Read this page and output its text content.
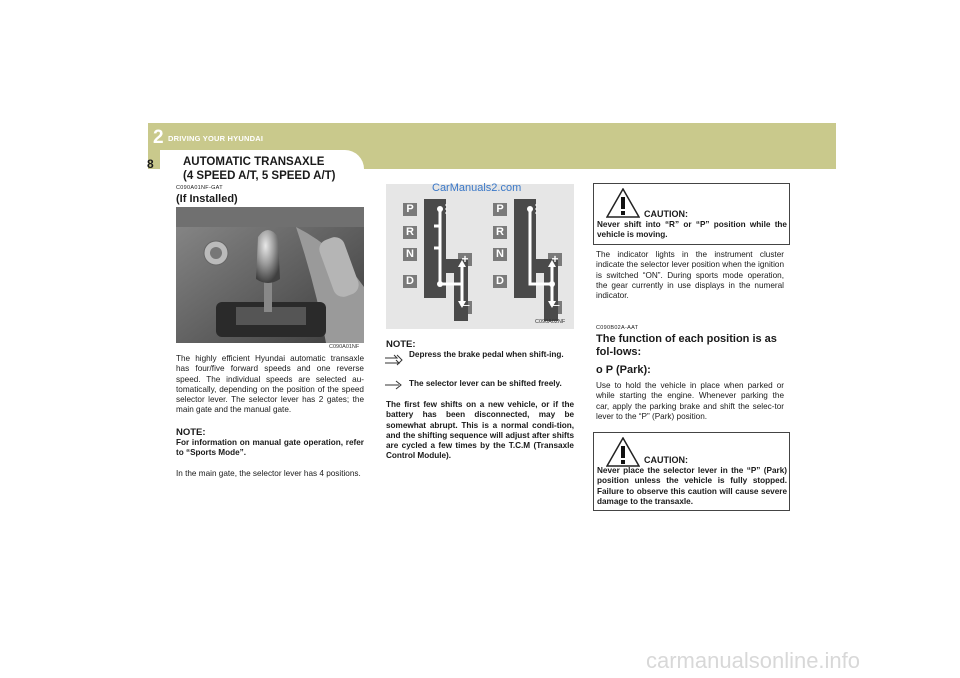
2 DRIVING YOUR HYUNDAI
8	AUTOMATIC TRANSAXLE
(4 SPEED A/T, 5 SPEED A/T)
C090A01NF-GAT
(If Installed)
C090A01NF
The highly efficient Hyundai automatic transaxle has four/five forward speeds and one reverse speed. The individual speeds are selected au-tomatically, depending on the position of the speed selector lever. The selector lever has 2 gates; the main gate and the manual gate.
NOTE:
For information on manual gate operation, refer to “Sports Mode”.
In the main gate, the selector lever has 4 positions.
P
R
N
D
P
R
N
D
+
—
+
—
CarManuals2.com
C090A02NF
NOTE:
Depress the brake pedal when shift-ing.
The selector lever can be shifted freely.
The first few shifts on a new vehicle, or if the battery has been disconnected, may be somewhat abrupt. This is a normal condi-tion, and the shifting sequence will adjust after shifts are cycled a few times by the T.C.M (Transaxle Control Module).
CAUTION:
Never shift into “R” or “P” position while the vehicle is moving.
The indicator lights in the instrument cluster indicate the selector lever position when the ignition is switched “ON”. During sports mode operation, the gear currently in use displays in the numeral indicator.
C090B02A-AAT
The function of each position is as fol-lows:
o P (Park):
Use to hold the vehicle in place when parked or while starting the engine. Whenever parking the car, apply the parking brake and shift the selec-tor lever to the “P” (Park) position.
CAUTION:
Never place the selector lever in the “P” (Park) position unless the vehicle is fully stopped. Failure to observe this caution will cause severe damage to the transaxle.
carmanualsonline.info
